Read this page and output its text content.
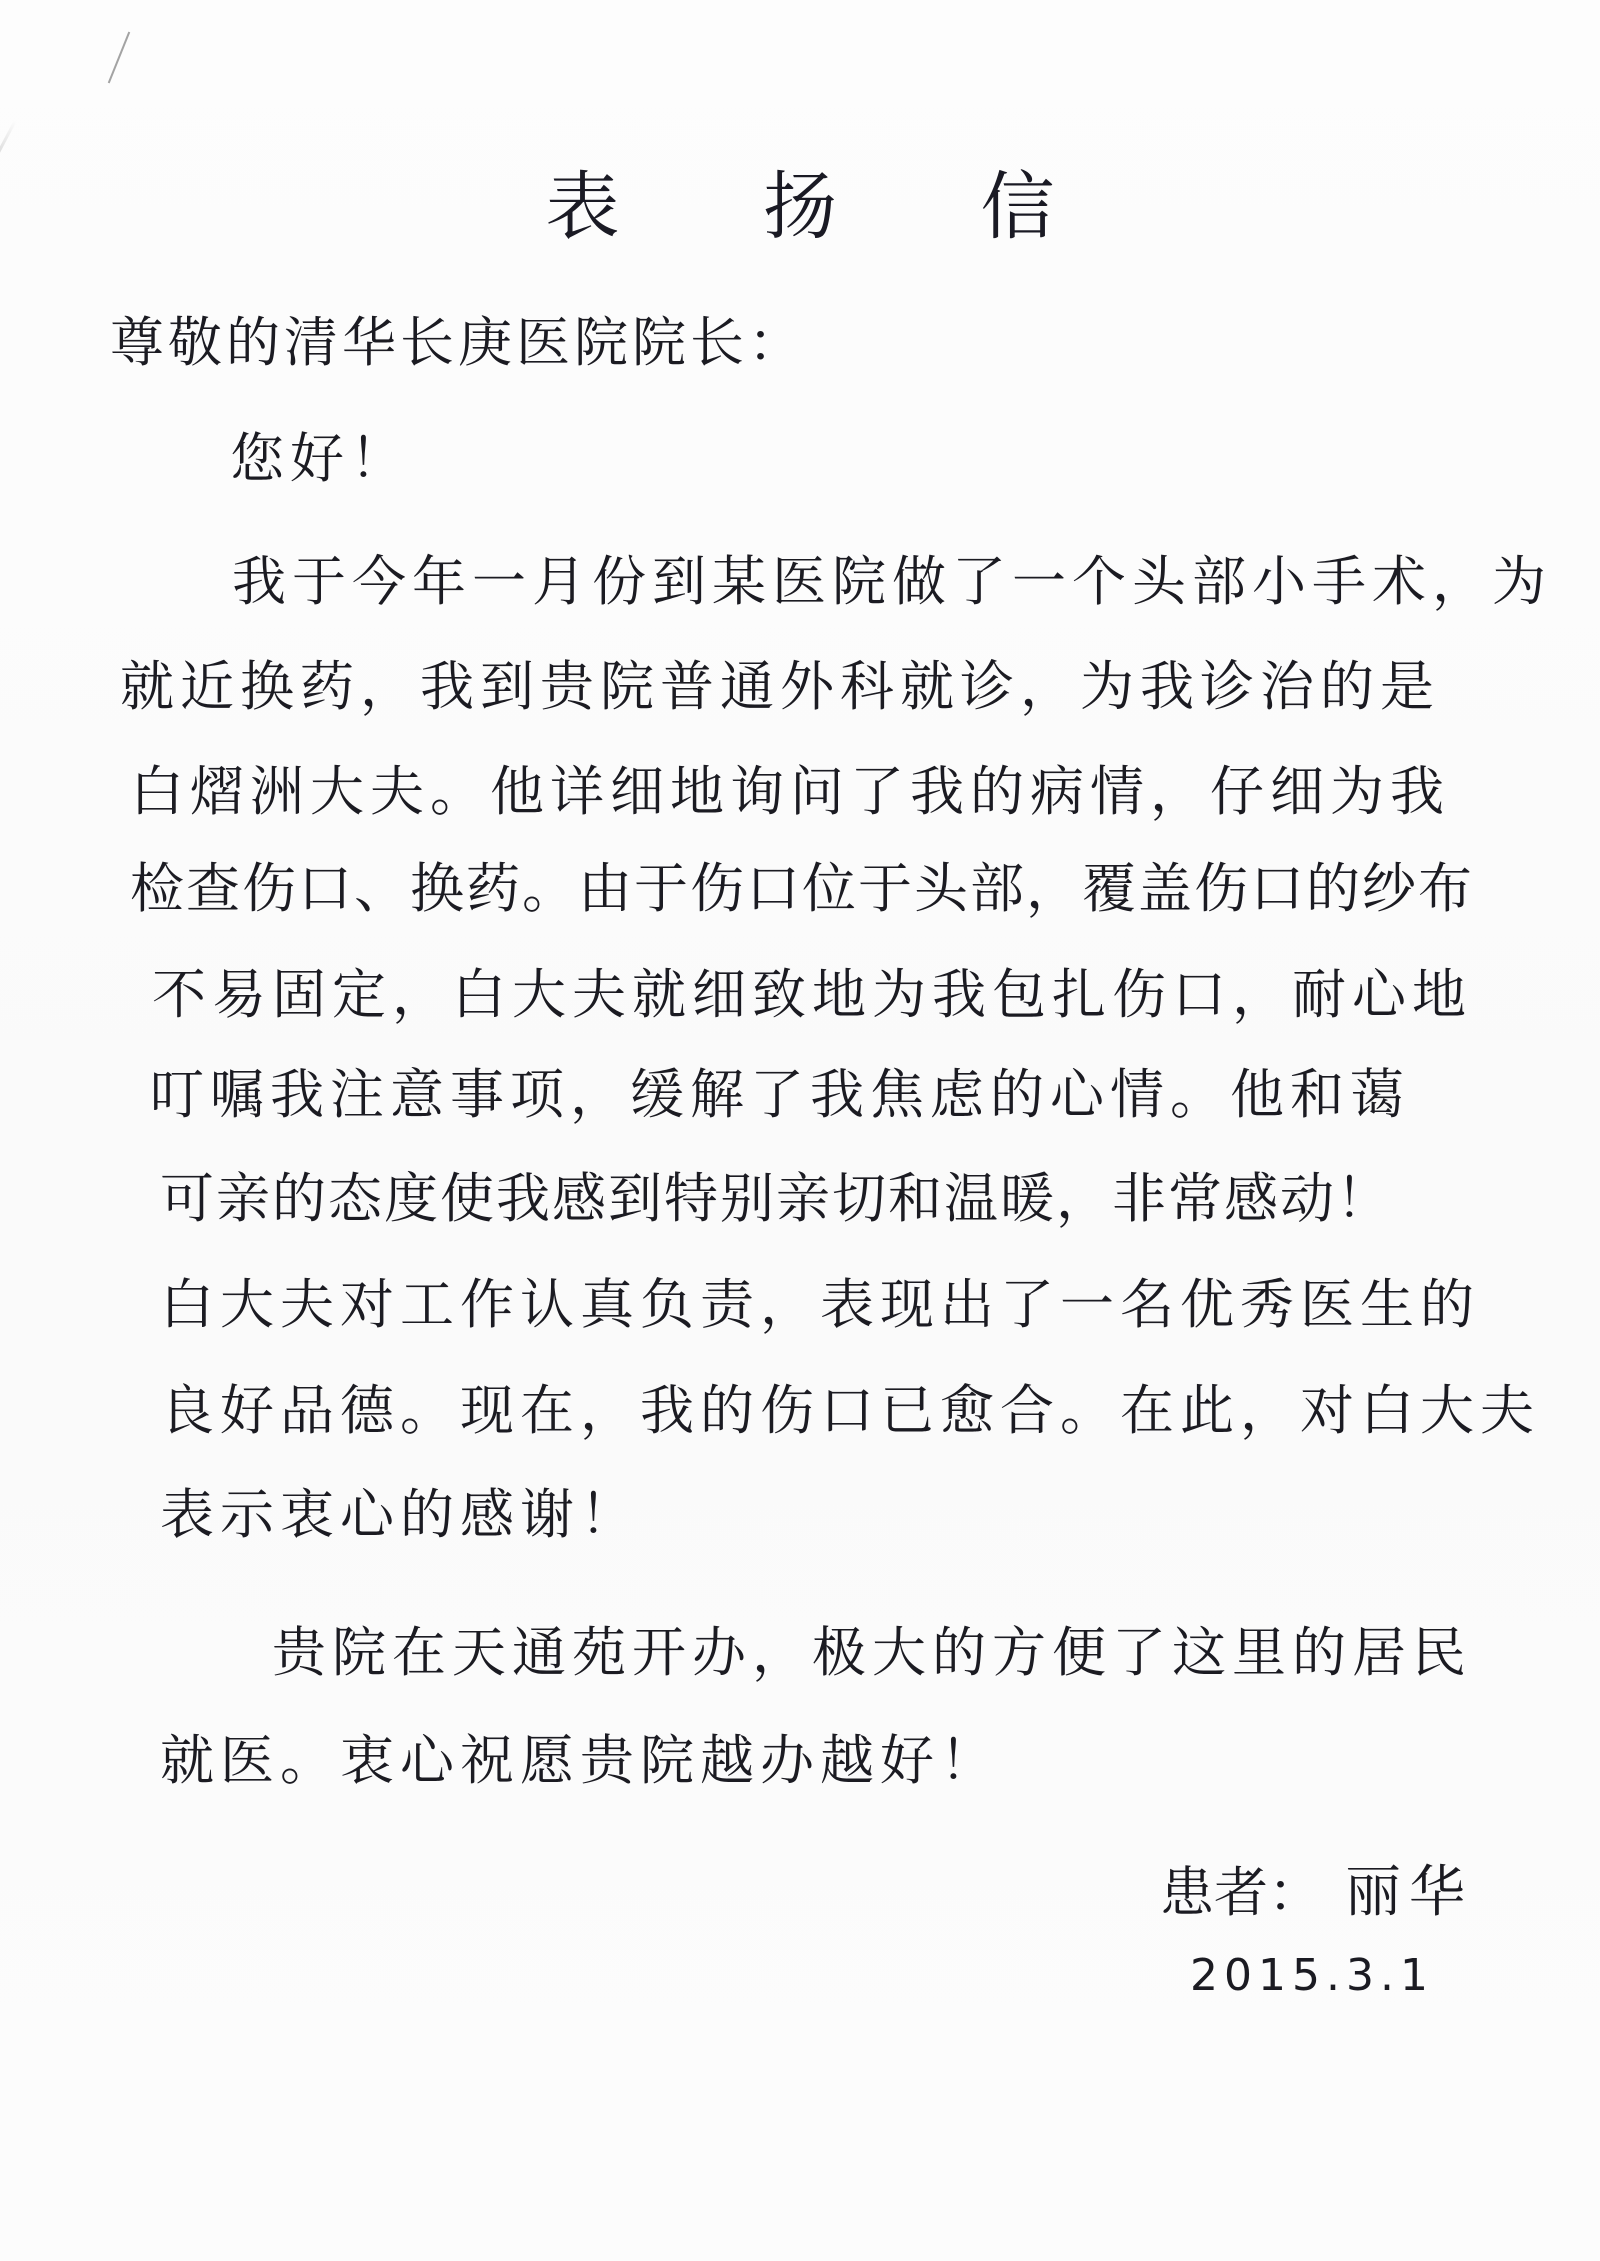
表 扬 信
尊敬的清华长庚医院院长：
您好！
我于今年一月份到某医院做了一个头部小手术，为
就近换药，我到贵院普通外科就诊，为我诊治的是
白熠洲大夫。他详细地询问了我的病情，仔细为我
检查伤口、换药。由于伤口位于头部，覆盖伤口的纱布
不易固定，白大夫就细致地为我包扎伤口，耐心地
叮嘱我注意事项，缓解了我焦虑的心情。他和蔼
可亲的态度使我感到特别亲切和温暖，非常感动！
白大夫对工作认真负责，表现出了一名优秀医生的
良好品德。现在，我的伤口已愈合。在此，对白大夫
表示衷心的感谢！
贵院在天通苑开办，极大的方便了这里的居民
就医。衷心祝愿贵院越办越好！
患者： 丽华
2015.3.1
